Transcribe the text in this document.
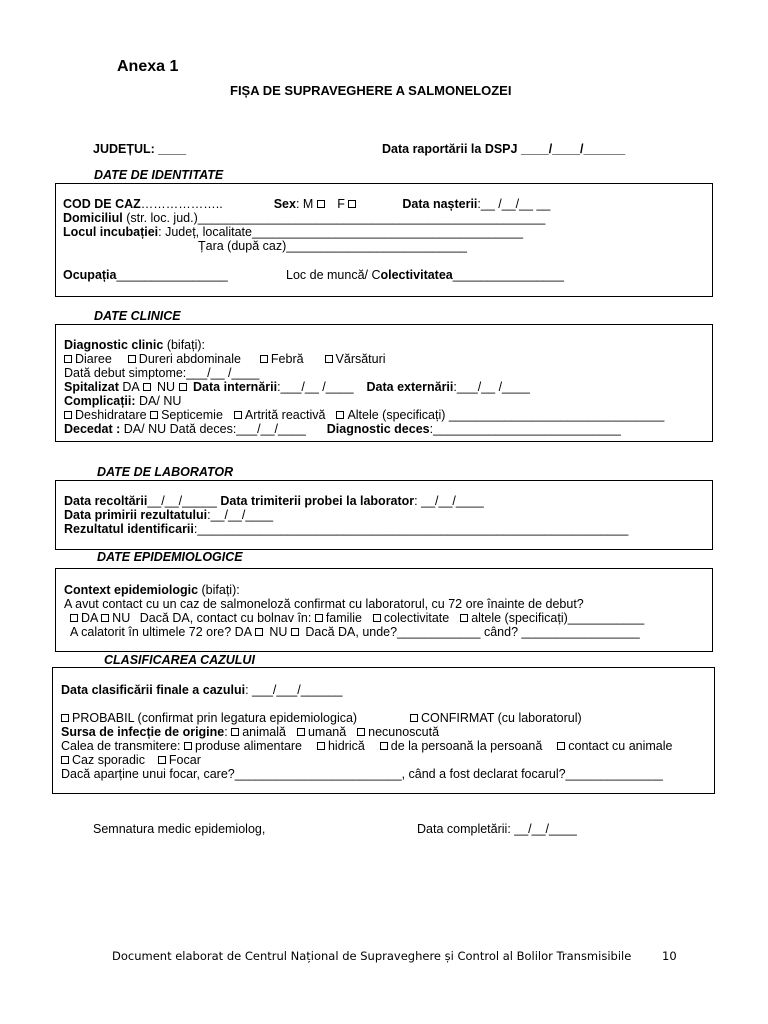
Anexa 1
FIȘA DE SUPRAVEGHERE A SALMONELOZEI
JUDEȚUL: ____	Data raportării la DSPJ ____/____/______
DATE DE IDENTITATE
COD DE CAZ………………..	Sex: M F	Data nașterii:__ /__/__ __
Domiciliul (str. loc. jud.)__________________________________________________
Locul incubației: Județ, localitate_______________________________________
Țara (după caz)__________________________
Ocupația________________	Loc de muncă/ Colectivitatea________________
DATE CLINICE
Diagnostic clinic (bifați):
Diaree Dureri abdominale Febră	Vărsături
Dată debut simptome:___/__ /____
Spitalizat DA NU Data internării:___/__ /____ Data externării:___/__ /____
Complicații: DA/ NU
Deshidratare Septicemie Artrită reactivă Altele (specificați) _______________________________
Decedat : DA/ NU Dată deces:___/__/____ Diagnostic deces:___________________________
DATE DE LABORATOR
Data recoltării__/__/_____ Data trimiterii probei la laborator: __/__/____
Data primirii rezultatului:__/__/____
Rezultatul identificarii:______________________________________________________________
DATE EPIDEMIOLOGICE
Context epidemiologic (bifați):
A avut contact cu un caz de salmoneloză confirmat cu laboratorul, cu 72 ore înainte de debut?
DA NU Dacă DA, contact cu bolnav în: familie colectivitate altele (specificați)___________
A calatorit în ultimele 72 ore? DA NU Dacă DA, unde?____________ când? _________________
CLASIFICAREA CAZULUI
Data clasificării finale a cazului: ___/___/______
PROBABIL (confirmat prin legatura epidemiologica)	CONFIRMAT (cu laboratorul)
Sursa de infecție de origine: animală umană necunoscută
Calea de transmitere: produse alimentare hidrică de la persoană la persoană contact cu animale
Caz sporadic Focar
Dacă aparține unui focar, care?________________________, când a fost declarat focarul?______________
Semnatura medic epidemiolog,	Data completării: __/__/____
Document elaborat de Centrul Național de Supraveghere și Control al Bolilor Transmisibile	10
